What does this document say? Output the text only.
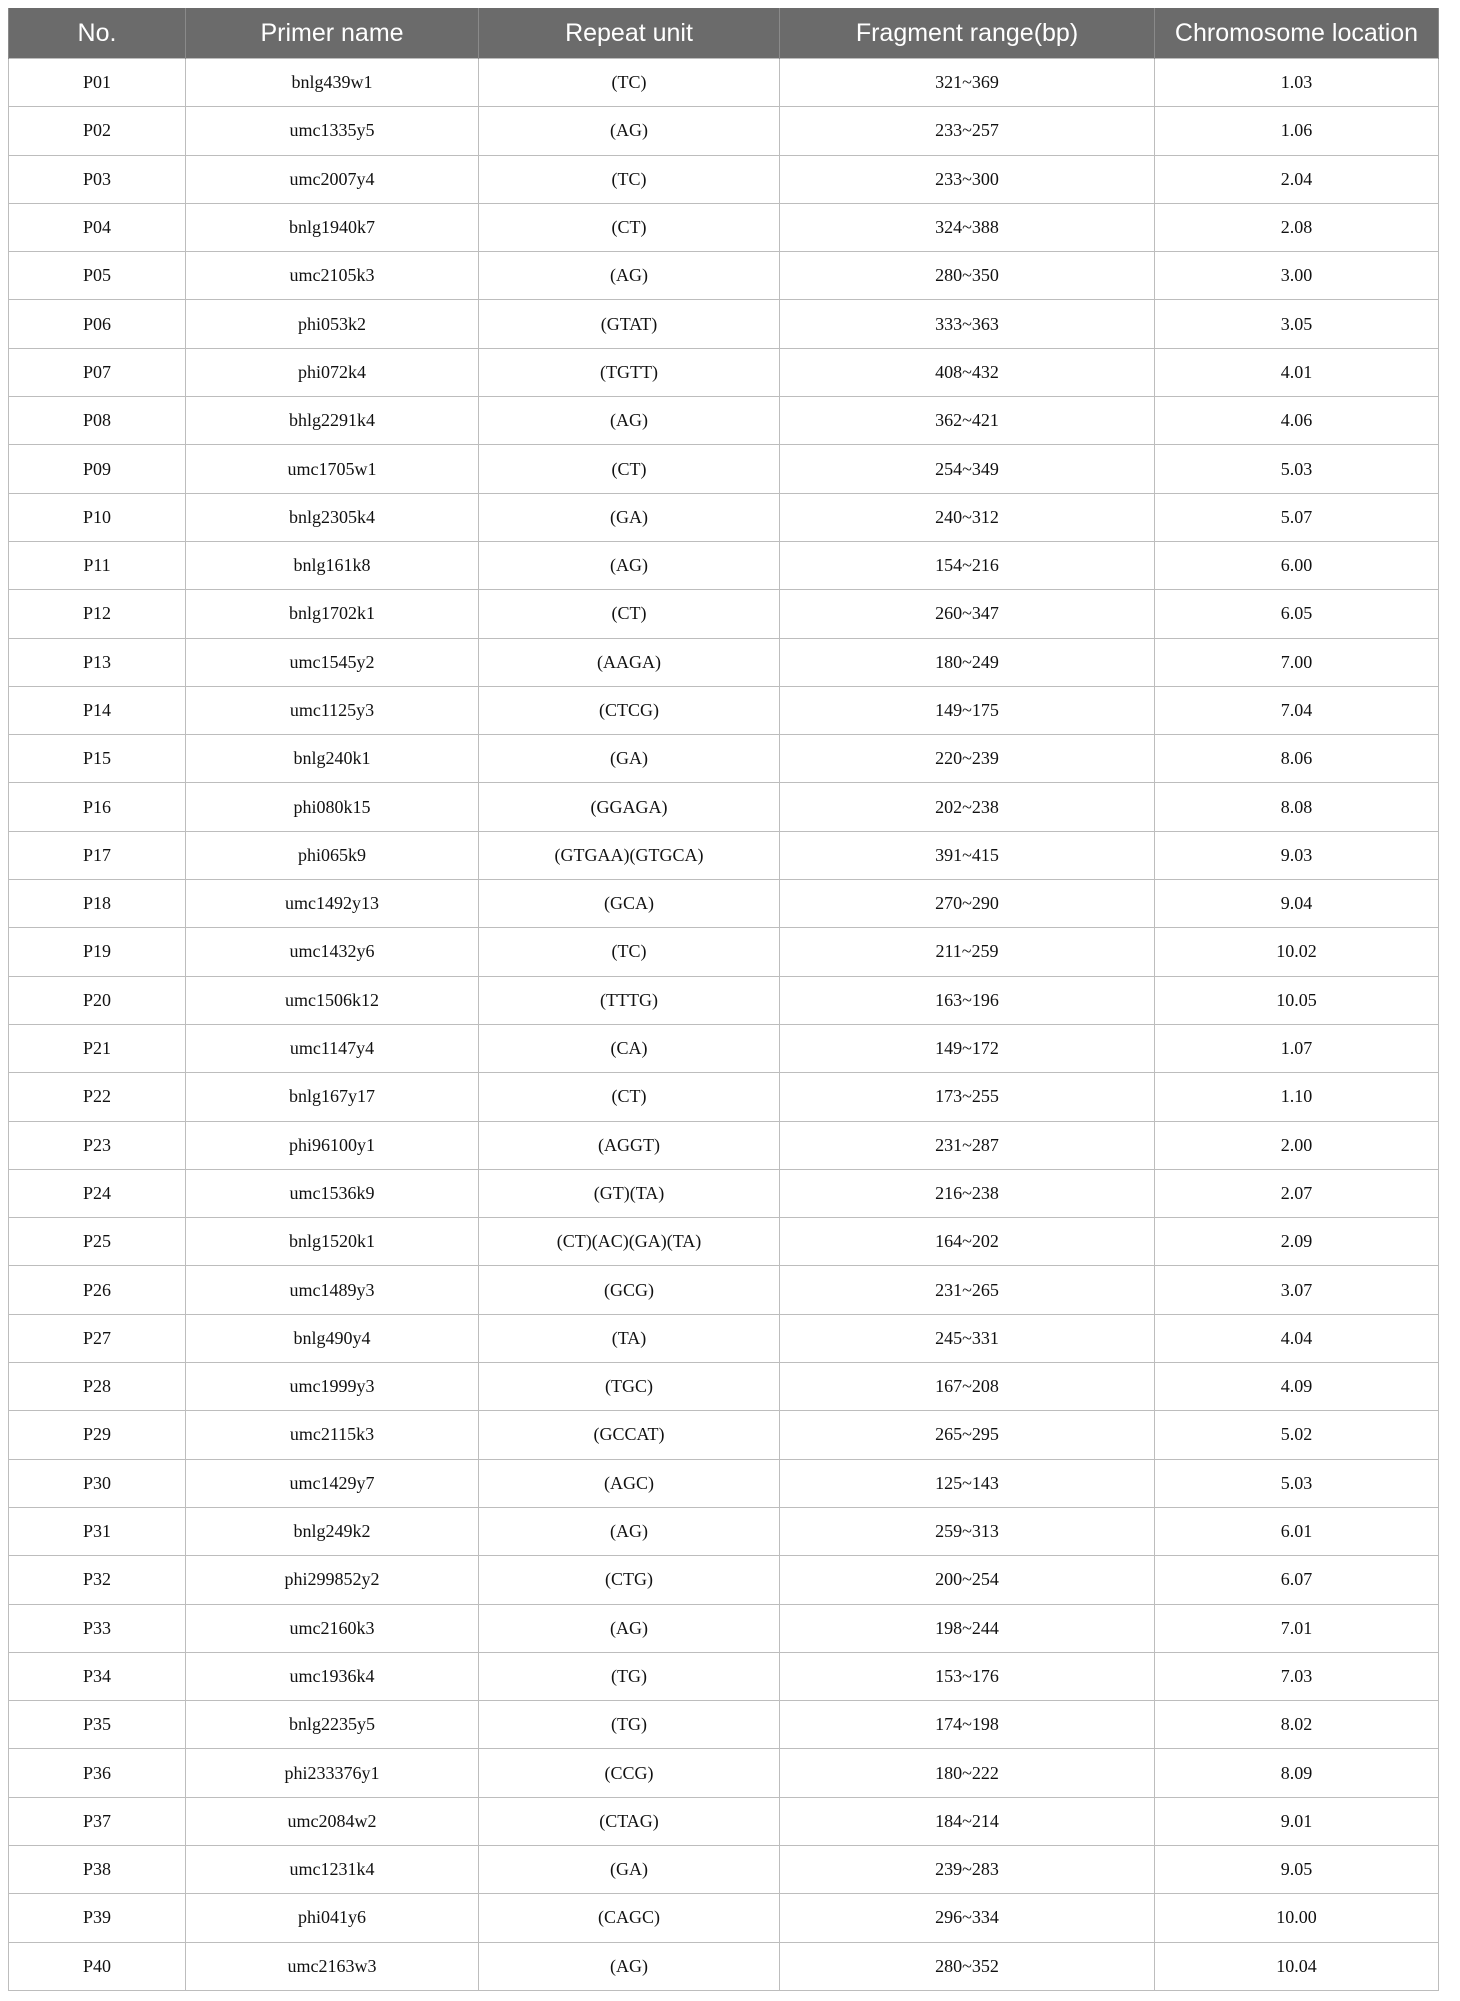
No.	Primer name	Repeat unit	Fragment range(bp)	Chromosome location
P01	bnlg439w1	(TC)	321~369	1.03
P02	umc1335y5	(AG)	233~257	1.06
P03	umc2007y4	(TC)	233~300	2.04
P04	bnlg1940k7	(CT)	324~388	2.08
P05	umc2105k3	(AG)	280~350	3.00
P06	phi053k2	(GTAT)	333~363	3.05
P07	phi072k4	(TGTT)	408~432	4.01
P08	bhlg2291k4	(AG)	362~421	4.06
P09	umc1705w1	(CT)	254~349	5.03
P10	bnlg2305k4	(GA)	240~312	5.07
P11	bnlg161k8	(AG)	154~216	6.00
P12	bnlg1702k1	(CT)	260~347	6.05
P13	umc1545y2	(AAGA)	180~249	7.00
P14	umc1125y3	(CTCG)	149~175	7.04
P15	bnlg240k1	(GA)	220~239	8.06
P16	phi080k15	(GGAGA)	202~238	8.08
P17	phi065k9	(GTGAA)(GTGCA)	391~415	9.03
P18	umc1492y13	(GCA)	270~290	9.04
P19	umc1432y6	(TC)	211~259	10.02
P20	umc1506k12	(TTTG)	163~196	10.05
P21	umc1147y4	(CA)	149~172	1.07
P22	bnlg167y17	(CT)	173~255	1.10
P23	phi96100y1	(AGGT)	231~287	2.00
P24	umc1536k9	(GT)(TA)	216~238	2.07
P25	bnlg1520k1	(CT)(AC)(GA)(TA)	164~202	2.09
P26	umc1489y3	(GCG)	231~265	3.07
P27	bnlg490y4	(TA)	245~331	4.04
P28	umc1999y3	(TGC)	167~208	4.09
P29	umc2115k3	(GCCAT)	265~295	5.02
P30	umc1429y7	(AGC)	125~143	5.03
P31	bnlg249k2	(AG)	259~313	6.01
P32	phi299852y2	(CTG)	200~254	6.07
P33	umc2160k3	(AG)	198~244	7.01
P34	umc1936k4	(TG)	153~176	7.03
P35	bnlg2235y5	(TG)	174~198	8.02
P36	phi233376y1	(CCG)	180~222	8.09
P37	umc2084w2	(CTAG)	184~214	9.01
P38	umc1231k4	(GA)	239~283	9.05
P39	phi041y6	(CAGC)	296~334	10.00
P40	umc2163w3	(AG)	280~352	10.04
